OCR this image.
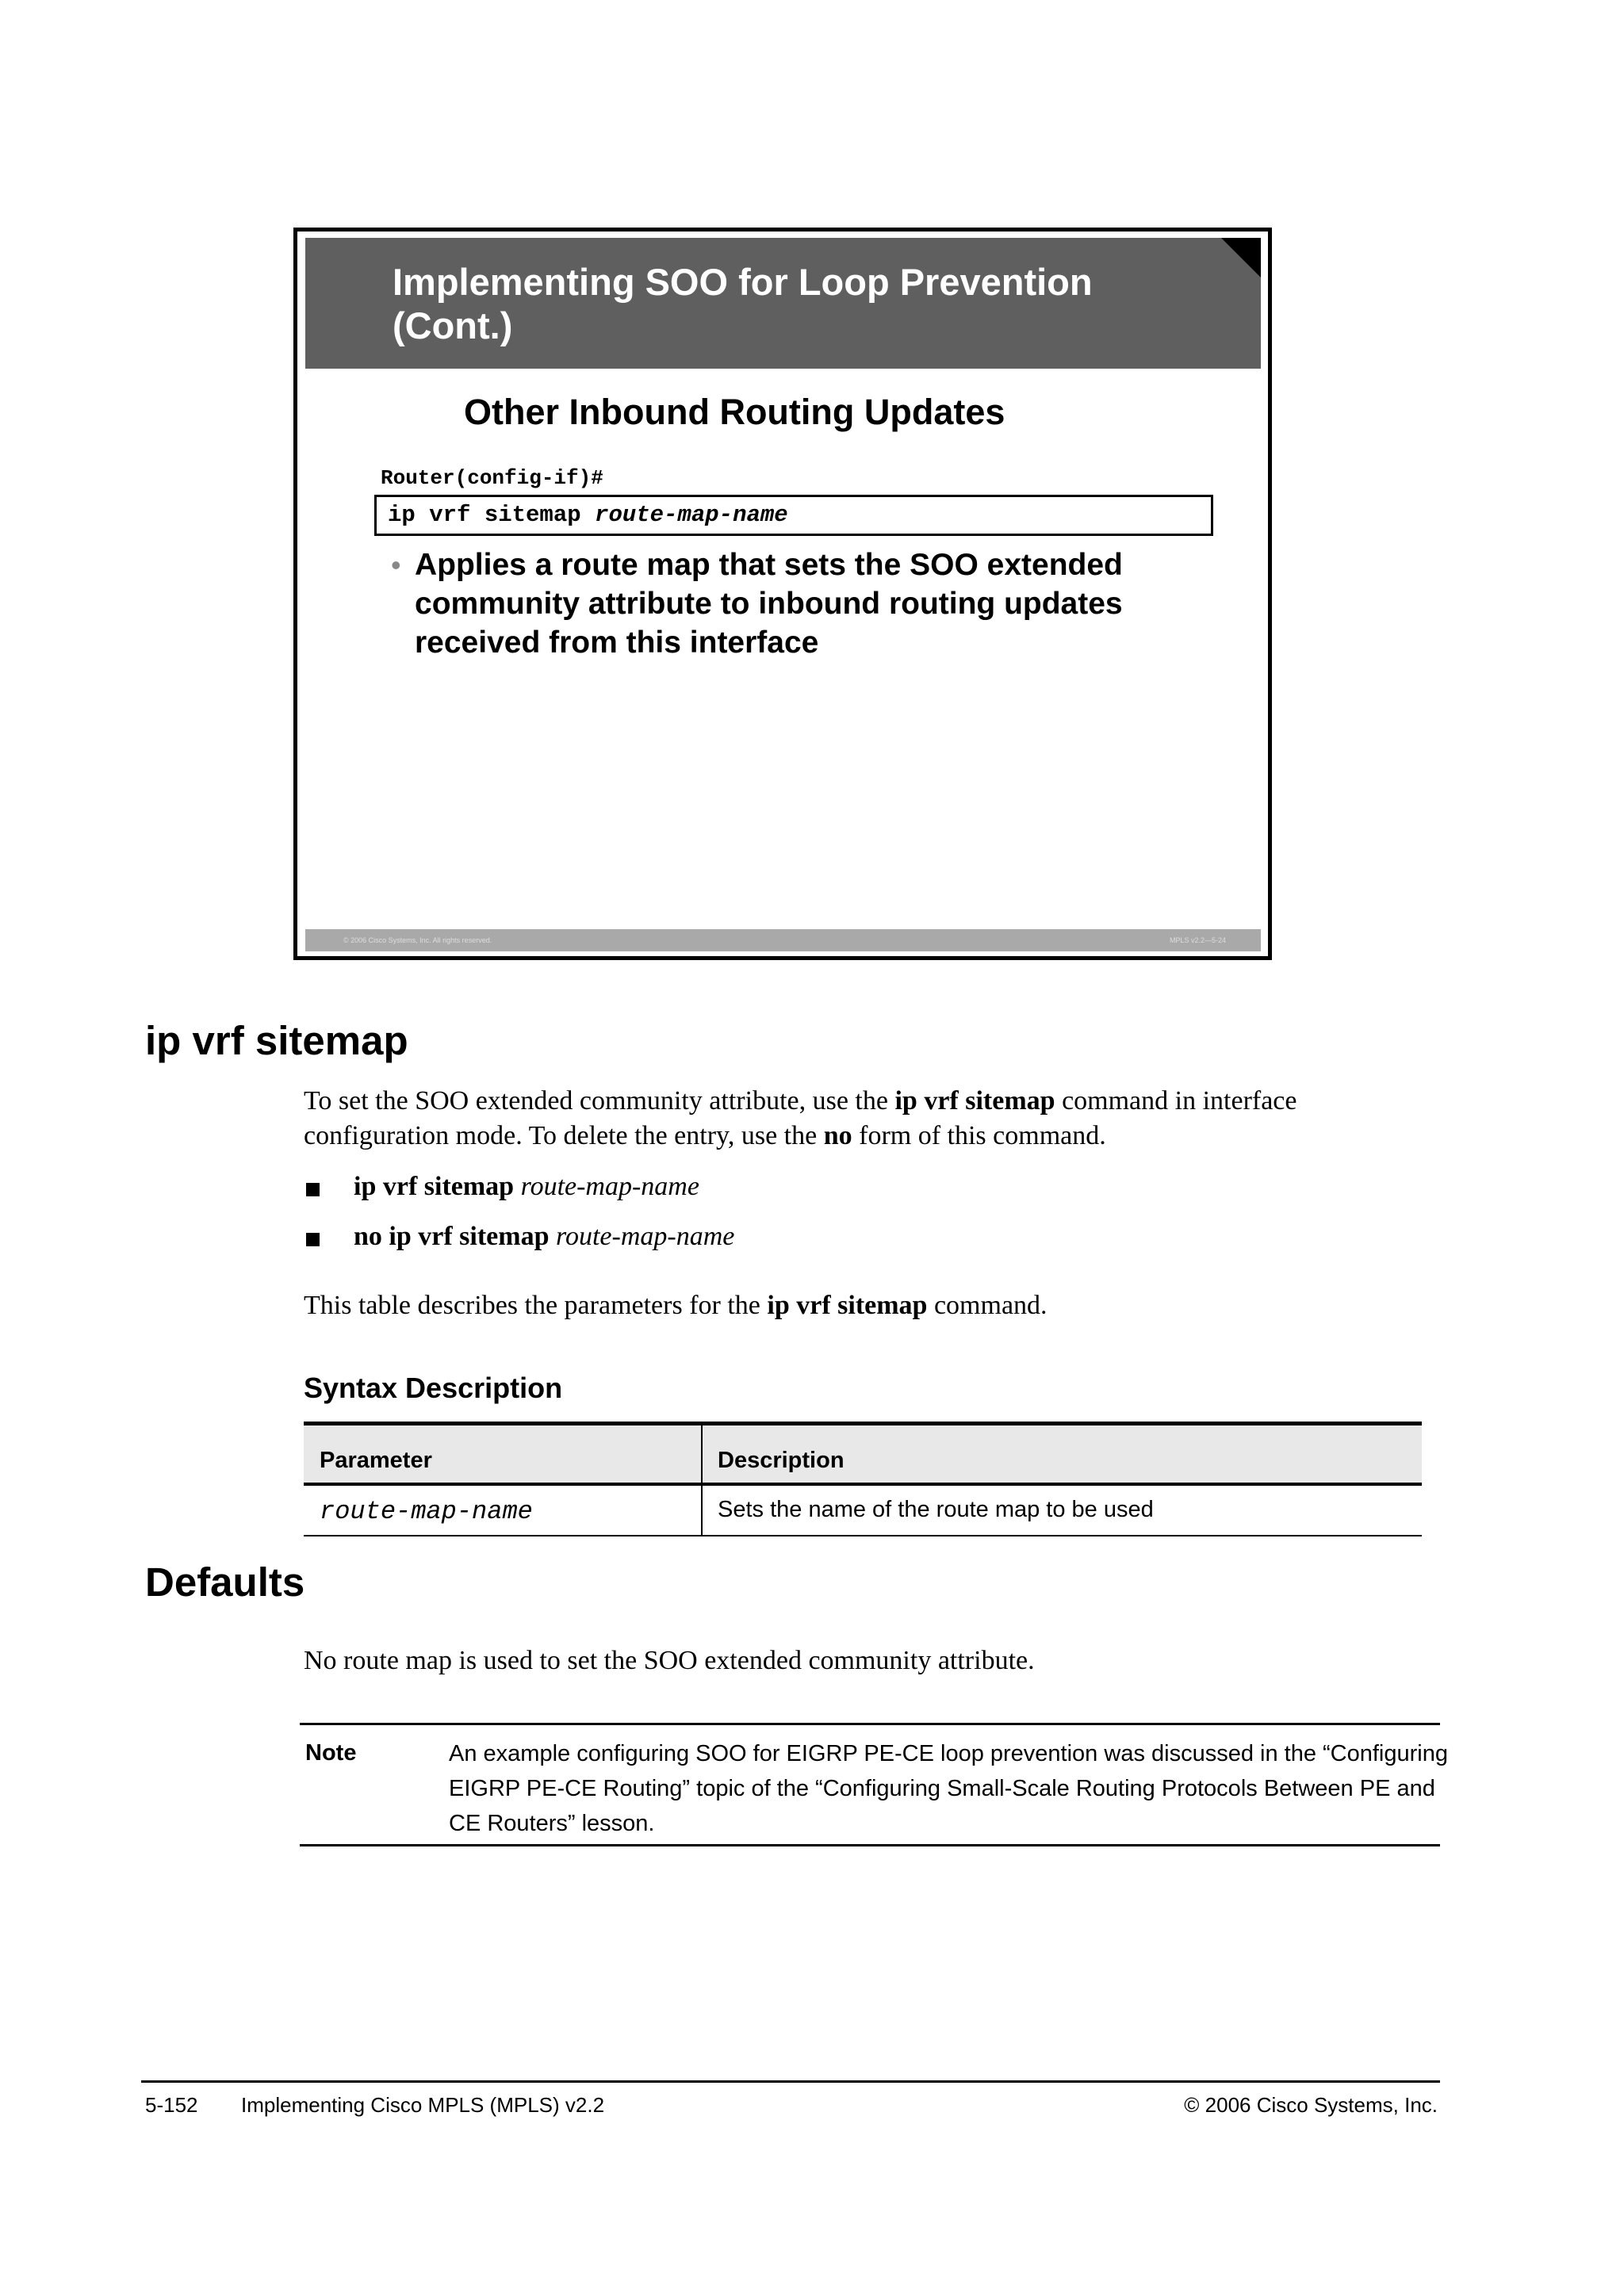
Implementing SOO for Loop Prevention
(Cont.)
Other Inbound Routing Updates
Router(config-if)#
ip vrf sitemap route-map-name
• Applies a route map that sets the SOO extended community attribute to inbound routing updates received from this interface
© 2006 Cisco Systems, Inc. All rights reserved.	MPLS v2.2—5-24
ip vrf sitemap
To set the SOO extended community attribute, use the ip vrf sitemap command in interface configuration mode. To delete the entry, use the no form of this command.
ip vrf sitemap route-map-name
no ip vrf sitemap route-map-name
This table describes the parameters for the ip vrf sitemap command.
Syntax Description
Parameter	Description
route-map-name	Sets the name of the route map to be used
Defaults
No route map is used to set the SOO extended community attribute.
Note	An example configuring SOO for EIGRP PE-CE loop prevention was discussed in the “Configuring EIGRP PE-CE Routing” topic of the “Configuring Small-Scale Routing Protocols Between PE and CE Routers” lesson.
5-152 Implementing Cisco MPLS (MPLS) v2.2	© 2006 Cisco Systems, Inc.
